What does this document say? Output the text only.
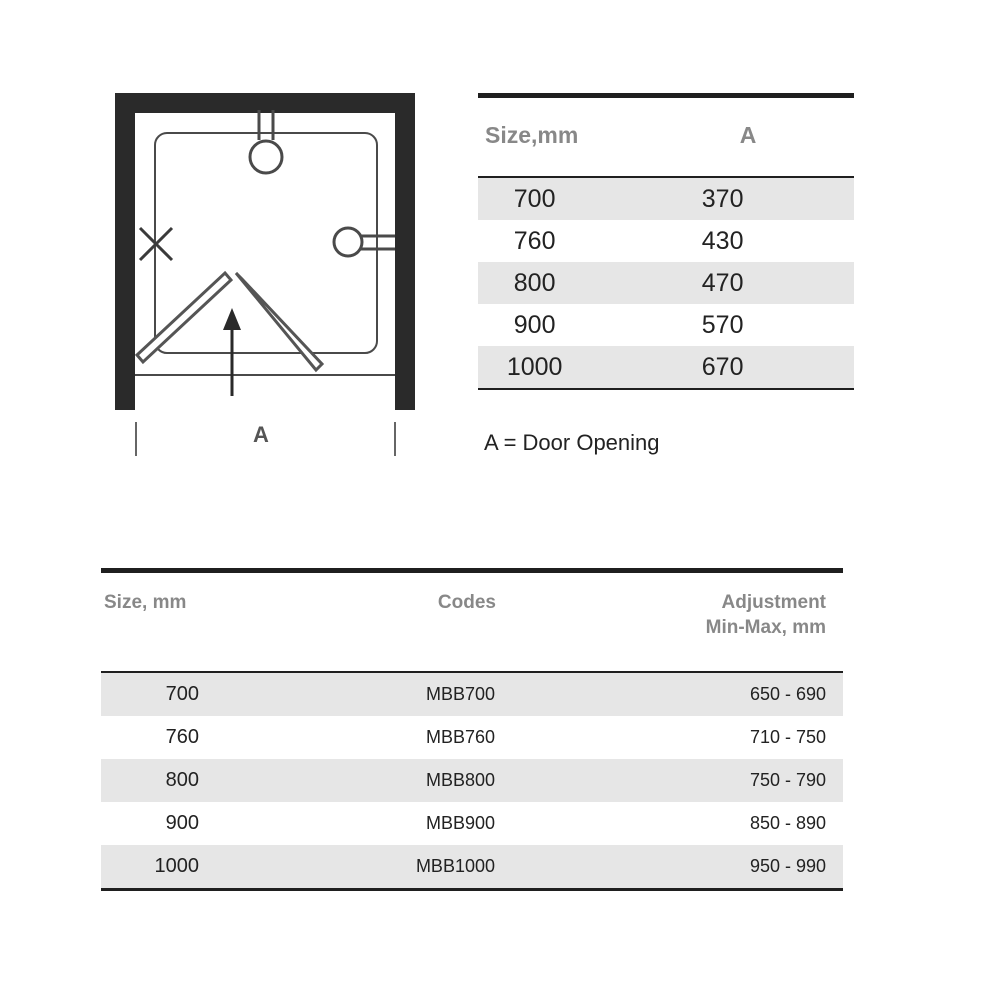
A
Size,mm	A
700	370
760	430
800	470
900	570
1000	670
A = Door Opening
Size, mm	Codes	Adjustment
Min-Max, mm
700	MBB700	650 - 690
760	MBB760	710 - 750
800	MBB800	750 - 790
900	MBB900	850 - 890
1000	MBB1000	950 - 990
